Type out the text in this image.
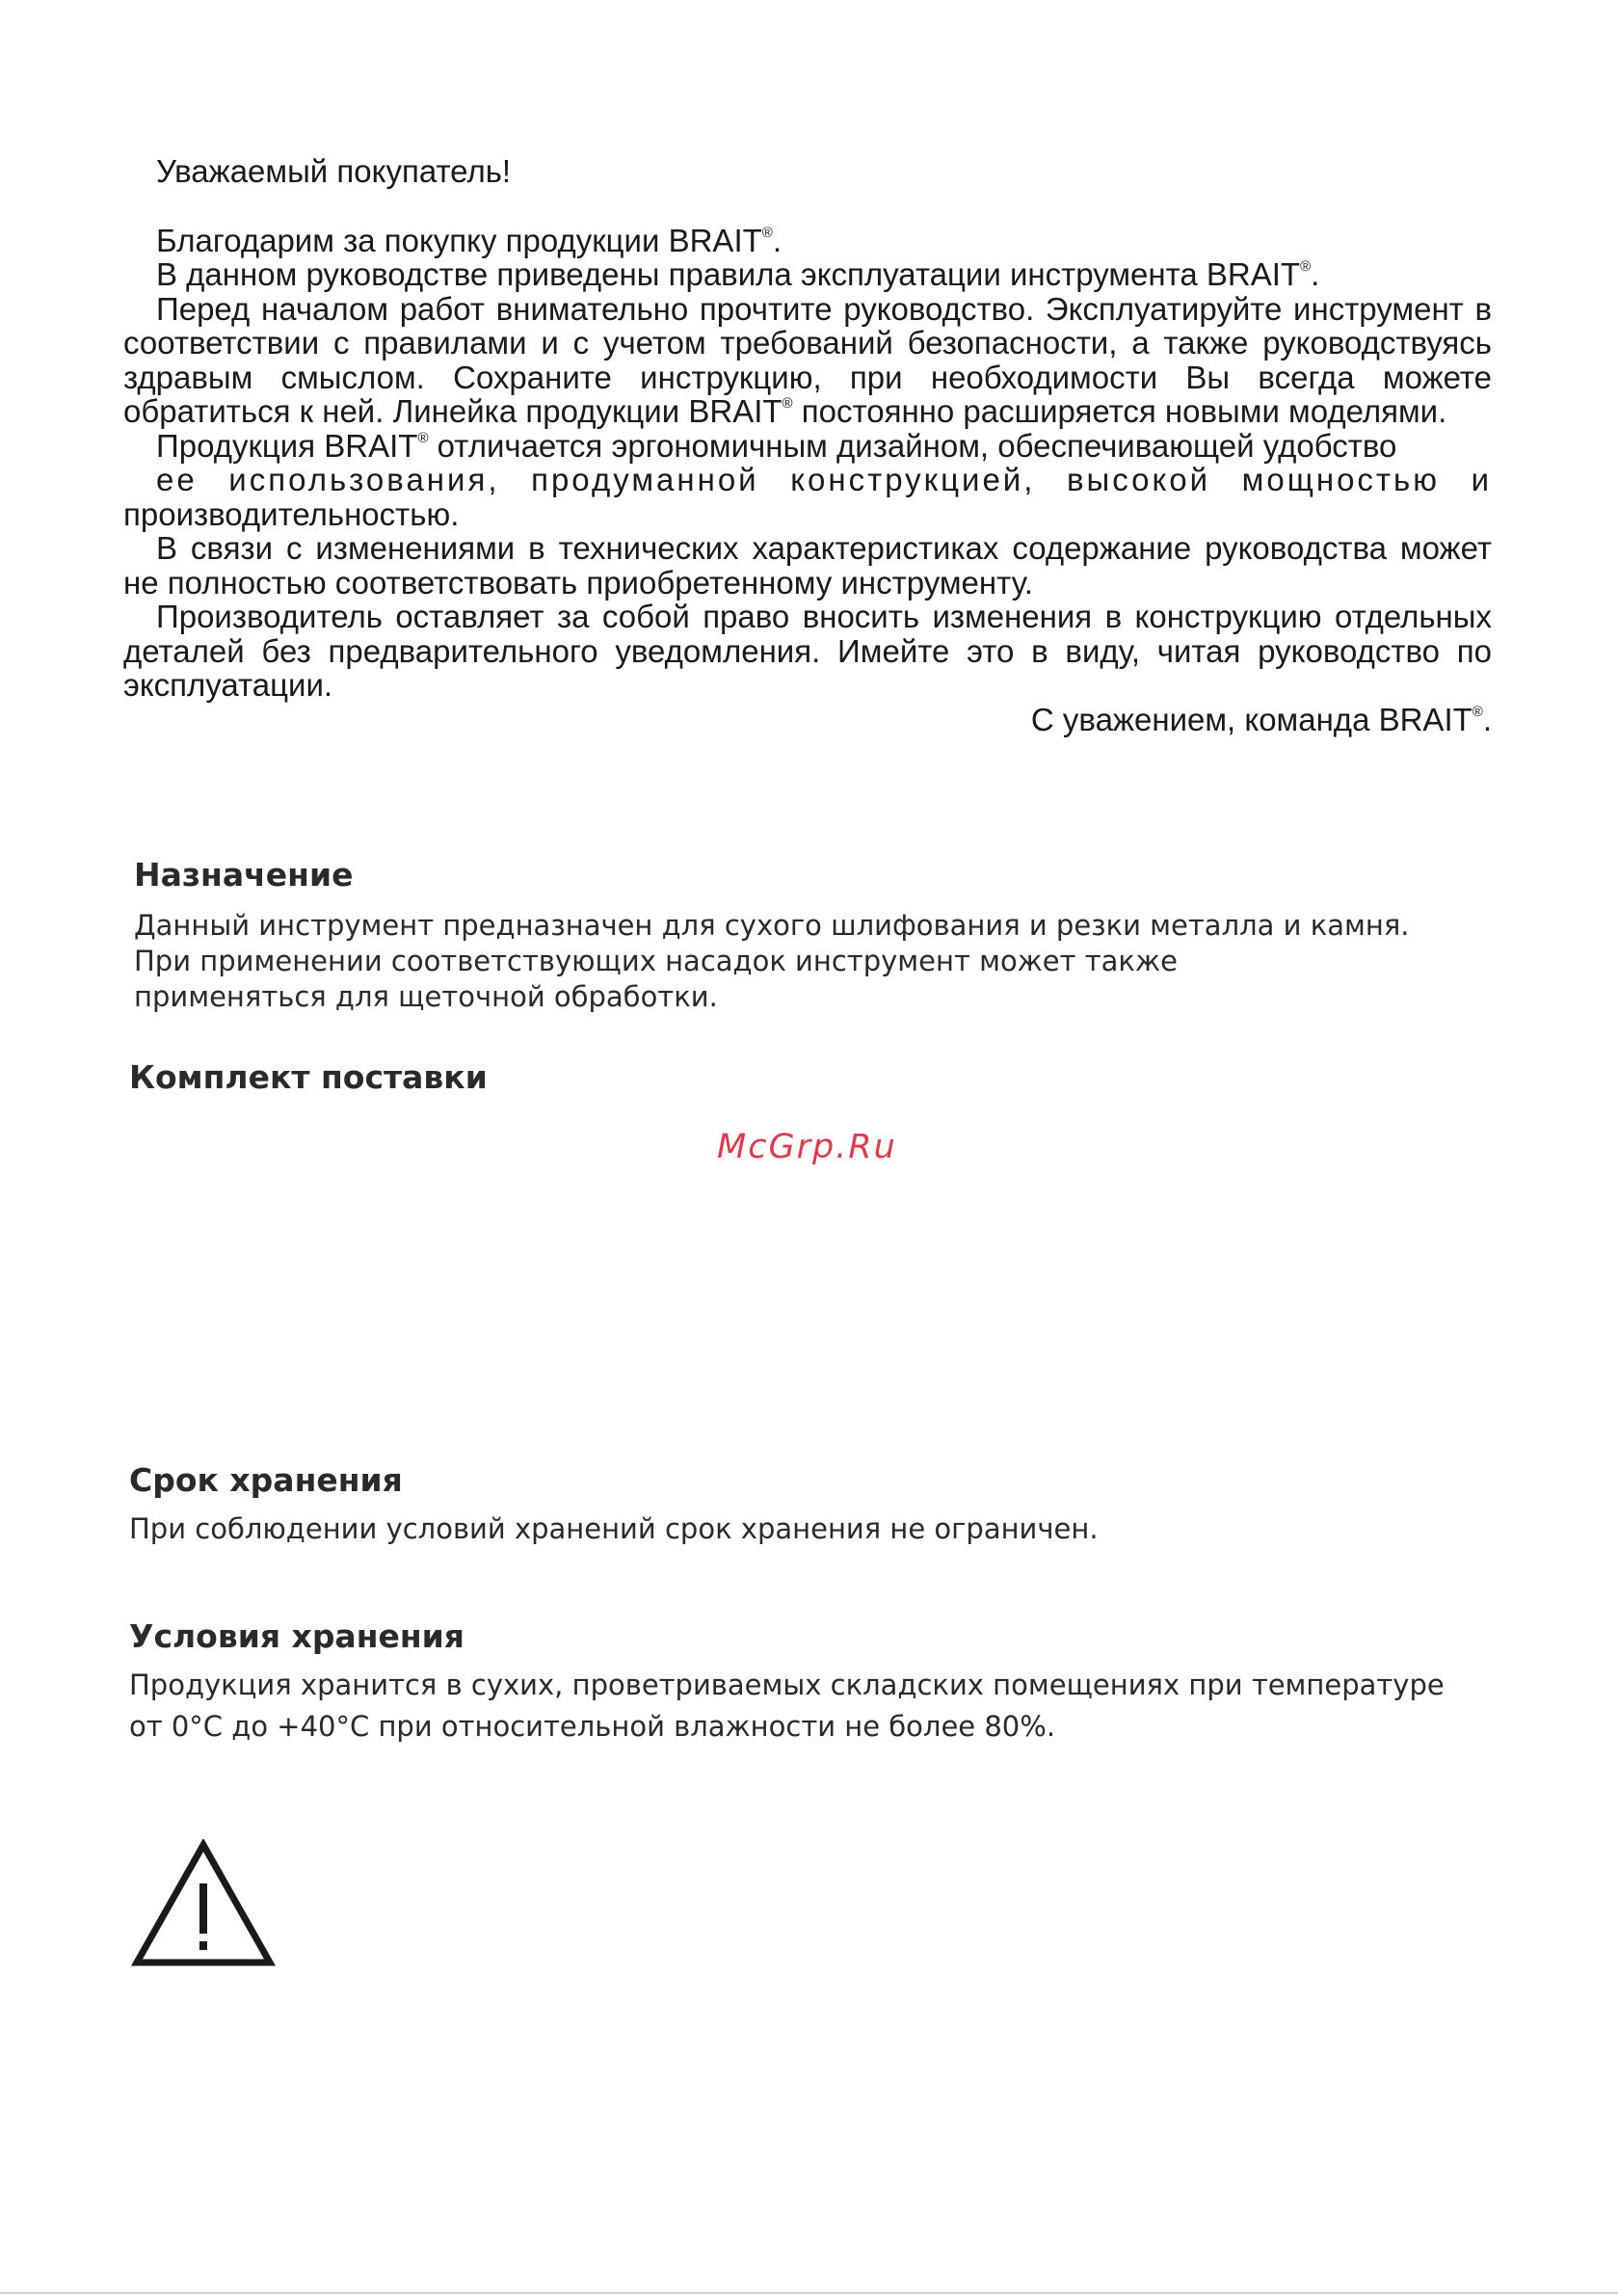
Уважаемый покупатель!

Благодарим за покупку продукции BRAIT®.

В данном руководстве приведены правила эксплуатации инструмента BRAIT®.

Перед началом работ внимательно прочтите руководство. Эксплуатируйте инструмент в соответствии с правилами и с учетом требований безопасности, а также руководствуясь здравым смыслом. Сохраните инструкцию, при необходимости Вы всегда можете обратиться к ней. Линейка продукции BRAIT® постоянно расширяется новыми моделями.

Продукция BRAIT® отличается эргономичным дизайном, обеспечивающей удобство
ее использования, продуманной конструкцией, высокой мощностью и
производительностью.

В связи с изменениями в технических характеристиках содержание руководства может не полностью соответствовать приобретенному инструменту.

Производитель оставляет за собой право вносить изменения в конструкцию отдельных деталей без предварительного уведомления. Имейте это в виду, читая руководство по эксплуатации.

С уважением, команда BRAIT®.

Назначение

Данный инструмент предназначен для сухого шлифования и резки металла и камня.

При применении соответствующих насадок инструмент может также

применяться для щеточной обработки.

Комплект поставки
McGrp.Ru
Срок хранения

При соблюдении условий хранений срок хранения не ограничен.

Условия хранения

Продукция хранится в сухих, проветриваемых складских помещениях при температуре

от 0°С до +40°С при относительной влажности не более 80%.
